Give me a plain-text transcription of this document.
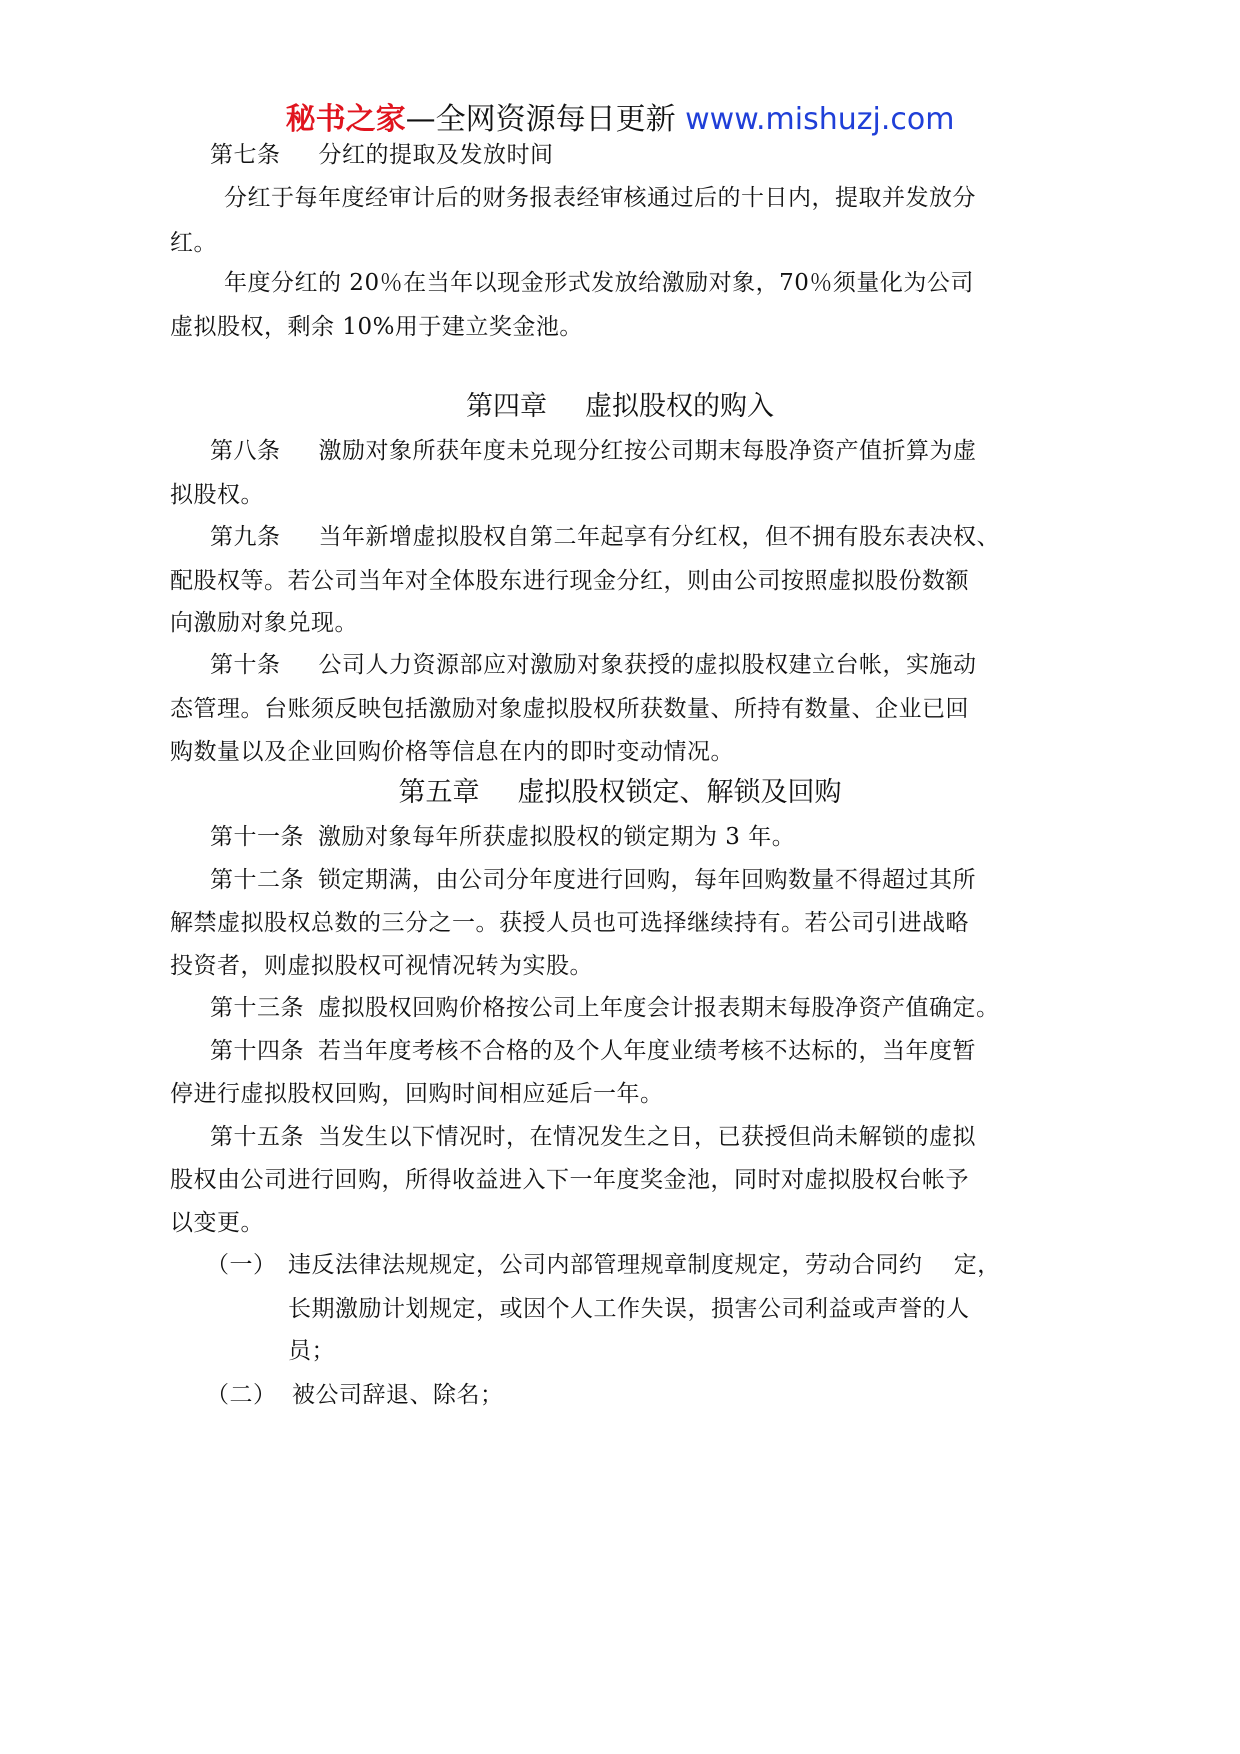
秘书之家—全网资源每日更新 www.mishuzj.com
第七条 分红的提取及发放时间
分红于每年度经审计后的财务报表经审核通过后的十日内，提取并发放分
红。
年度分红的 20％在当年以现金形式发放给激励对象，70％须量化为公司
虚拟股权，剩余 10%用于建立奖金池。
第四章 虚拟股权的购入
第八条 激励对象所获年度未兑现分红按公司期末每股净资产值折算为虚
拟股权。
第九条 当年新增虚拟股权自第二年起享有分红权，但不拥有股东表决权、
配股权等。若公司当年对全体股东进行现金分红，则由公司按照虚拟股份数额
向激励对象兑现。
第十条 公司人力资源部应对激励对象获授的虚拟股权建立台帐，实施动
态管理。台账须反映包括激励对象虚拟股权所获数量、所持有数量、企业已回
购数量以及企业回购价格等信息在内的即时变动情况。
第五章 虚拟股权锁定、解锁及回购
第十一条 激励对象每年所获虚拟股权的锁定期为 3 年。
第十二条 锁定期满，由公司分年度进行回购，每年回购数量不得超过其所
解禁虚拟股权总数的三分之一。获授人员也可选择继续持有。若公司引进战略
投资者，则虚拟股权可视情况转为实股。
第十三条 虚拟股权回购价格按公司上年度会计报表期末每股净资产值确定。
第十四条 若当年度考核不合格的及个人年度业绩考核不达标的，当年度暂
停进行虚拟股权回购，回购时间相应延后一年。
第十五条 当发生以下情况时，在情况发生之日，已获授但尚未解锁的虚拟
股权由公司进行回购，所得收益进入下一年度奖金池，同时对虚拟股权台帐予
以变更。
（一） 违反法律法规规定，公司内部管理规章制度规定，劳动合同约　 定，
长期激励计划规定，或因个人工作失误，损害公司利益或声誉的人
员；
（二） 被公司辞退、除名；
